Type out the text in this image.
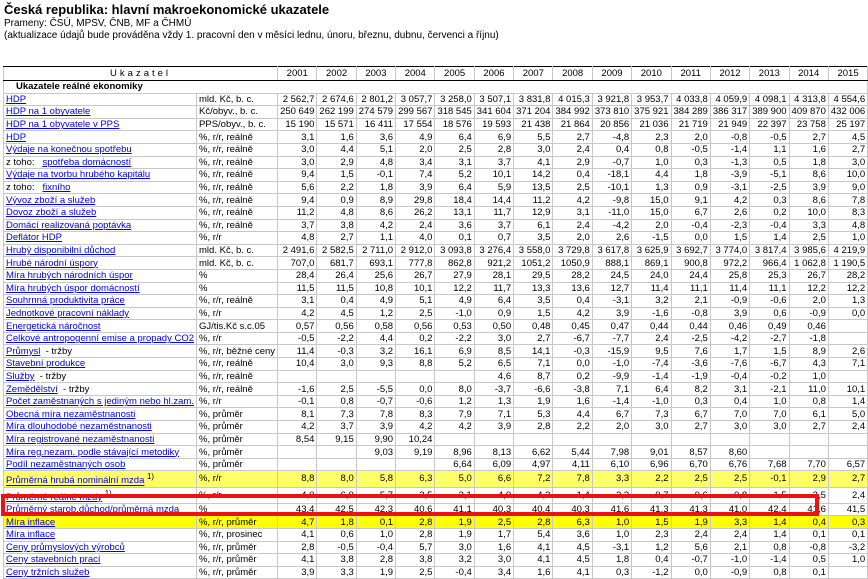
Česká republika: hlavní makroekonomické ukazatele
Prameny: ČSÚ, MPSV, ČNB, MF a ČHMÚ
(aktualizace údajů bude prováděna vždy 1. pracovní den v měsíci lednu, únoru, březnu, dubnu, červenci a říjnu)
Ukazatel		2001	2002	2003	2004	2005	2006	2007	2008	2009	2010	2011	2012	2013	2014	2015
Ukazatele reálné ekonomiky																
HDP	mld. Kč, b. c.	2 562,7	2 674,6	2 801,2	3 057,7	3 258,0	3 507,1	3 831,8	4 015,3	3 921,8	3 953,7	4 033,8	4 059,9	4 098,1	4 313,8	4 554,6
HDP na 1 obyvatele	Kč/obyv., b. c.	250 649	262 199	274 579	299 567	318 545	341 604	371 204	384 992	373 810	375 921	384 289	386 317	389 900	409 870	432 006
HDP na 1 obyvatele v PPS	PPS/obyv., b. c.	15 190	15 571	16 411	17 554	18 576	19 593	21 438	21 864	20 856	21 036	21 719	21 949	22 397	23 758	25 197
HDP	%, r/r, reálně	3,1	1,6	3,6	4,9	6,4	6,9	5,5	2,7	-4,8	2,3	2,0	-0,8	-0,5	2,7	4,5
Výdaje na konečnou spotřebu	%, r/r, reálně	3,0	4,4	5,1	2,0	2,5	2,8	3,0	2,4	0,4	0,8	-0,5	-1,4	1,1	1,6	2,7
z toho: spotřeba domácností	%, r/r, reálně	3,0	2,9	4,8	3,4	3,1	3,7	4,1	2,9	-0,7	1,0	0,3	-1,3	0,5	1,8	3,0
Výdaje na tvorbu hrubého kapitálu	%, r/r, reálně	9,4	1,5	-0,1	7,4	5,2	10,1	14,2	0,4	-18,1	4,4	1,8	-3,9	-5,1	8,6	10,0
z toho: fixního	%, r/r, reálně	5,6	2,2	1,8	3,9	6,4	5,9	13,5	2,5	-10,1	1,3	0,9	-3,1	-2,5	3,9	9,0
Vývoz zboží a služeb	%, r/r, reálně	9,4	0,9	8,9	29,8	18,4	14,4	11,2	4,2	-9,8	15,0	9,1	4,2	0,3	8,6	7,8
Dovoz zboží a služeb	%, r/r, reálně	11,2	4,8	8,6	26,2	13,1	11,7	12,9	3,1	-11,0	15,0	6,7	2,6	0,2	10,0	8,3
Domácí realizovaná poptávka	%, r/r, reálně	3,7	3,8	4,2	2,4	3,6	3,7	6,1	2,4	-4,2	2,0	-0,4	-2,3	-0,4	3,3	4,8
Deflátor HDP	%, r/r	4,8	2,7	1,1	4,0	0,1	0,7	3,5	2,0	2,6	-1,5	0,0	1,5	1,4	2,5	1,0
Hrubý disponibilní důchod	mld. Kč, b. c.	2 491,6	2 582,5	2 711,0	2 912,0	3 093,8	3 276,4	3 558,0	3 729,8	3 617,8	3 625,9	3 692,7	3 774,0	3 817,4	3 985,6	4 219,9
Hrubé národní úspory	mld. Kč, b. c.	707,0	681,7	693,1	777,8	862,8	921,2	1051,2	1050,9	888,1	869,1	900,8	972,2	966,4	1 062,8	1 190,5
Míra hrubých národních úspor	%	28,4	26,4	25,6	26,7	27,9	28,1	29,5	28,2	24,5	24,0	24,4	25,8	25,3	26,7	28,2
Míra hrubých úspor domácností	%	11,5	11,5	10,8	10,1	12,2	11,7	13,3	13,6	12,7	11,4	11,1	11,4	11,1	12,2	12,2
Souhrnná produktivita práce	%, r/r, reálně	3,1	0,4	4,9	5,1	4,9	6,4	3,5	0,4	-3,1	3,2	2,1	-0,9	-0,6	2,0	1,3
Jednotkové pracovní náklady	%, r/r	4,2	4,5	1,2	2,5	-1,0	0,9	1,5	4,2	3,9	-1,6	-0,8	3,9	0,6	-0,9	0,0
Energetická náročnost	GJ/tis.Kč s.c.05	0,57	0,56	0,58	0,56	0,53	0,50	0,48	0,45	0,47	0,44	0,44	0,46	0,49	0,46	
Celkové antropogenní emise a propady CO2	%, r/r	-0,5	-2,2	4,4	0,2	-2,2	3,0	2,7	-6,7	-7,7	2,4	-2,5	-4,2	-2,7	-1,8	
Průmysl - tržby	%, r/r, běžné ceny	11,4	-0,3	3,2	16,1	6,9	8,5	14,1	-0,3	-15,9	9,5	7,6	1,7	1,5	8,9	2,6
Stavební produkce	%, r/r, reálně	10,4	3,0	9,3	8,8	5,2	6,5	7,1	0,0	-1,0	-7,4	-3,6	-7,6	-6,7	4,3	7,1
Služby - tržby	%, r/r, reálně						4,6	8,7	0,2	-9,9	-1,4	-1,9	-0,4	-0,2	1,0	
Zemědělství - tržby	%, r/r, reálně	-1,6	2,5	-5,5	0,0	8,0	-3,7	-6,6	-3,8	7,1	6,4	8,2	3,1	-2,1	11,0	10,1
Počet zaměstnaných s jediným nebo hl.zam.	%, r/r	-0,1	0,8	-0,7	-0,6	1,2	1,3	1,9	1,6	-1,4	-1,0	0,3	0,4	1,0	0,8	1,4
Obecná míra nezaměstnanosti	%, průměr	8,1	7,3	7,8	8,3	7,9	7,1	5,3	4,4	6,7	7,3	6,7	7,0	7,0	6,1	5,0
Míra dlouhodobé nezaměstnanosti	%, průměr	4,2	3,7	3,9	4,2	4,2	3,9	2,8	2,2	2,0	3,0	2,7	3,0	3,0	2,7	2,4
Míra registrované nezaměstnanosti	%, průměr	8,54	9,15	9,90	10,24											
Míra reg.nezam. podle stávající metodiky	%, průměr			9,03	9,19	8,96	8,13	6,62	5,44	7,98	9,01	8,57	8,60			
Podíl nezaměstnaných osob	%, průměr					6,64	6,09	4,97	4,11	6,10	6,96	6,70	6,76	7,68	7,70	6,57
Průměrná hrubá nominální mzda $^{1)}$	%, r/r	8,8	8,0	5,8	6,3	5,0	6,6	7,2	7,8	3,3	2,2	2,5	2,5	-0,1	2,9	2,7
Průměrné reálné mzdy $^{1)}$	%, r/r	4,0	6,0	5,7	3,5	3,1	4,0	4,3	1,4	2,3	0,7	0,6	-0,8	-1,5	2,5	2,4
Průměrný starob.důchod/průměrná mzda	%	43,4	42,5	42,3	40,6	41,1	40,3	40,4	40,3	41,6	41,3	41,3	41,0	42,4	41,6	41,5
Míra inflace	%, r/r, průměr	4,7	1,8	0,1	2,8	1,9	2,5	2,8	6,3	1,0	1,5	1,9	3,3	1,4	0,4	0,3
Míra inflace	%, r/r, prosinec	4,1	0,6	1,0	2,8	1,9	1,7	5,4	3,6	1,0	2,3	2,4	2,4	1,4	0,1	0,1
Ceny průmyslových výrobců	%, r/r, průměr	2,8	-0,5	-0,4	5,7	3,0	1,6	4,1	4,5	-3,1	1,2	5,6	2,1	0,8	-0,8	-3,2
Ceny stavebních prací	%, r/r, průměr	4,1	3,8	2,8	3,8	3,2	3,0	4,1	4,5	1,8	0,4	-0,7	-1,0	-1,4	0,5	1,0
Ceny tržních služeb	%, r/r, průměr	3,9	3,3	1,9	2,5	-0,4	3,4	1,6	4,1	0,3	-1,2	0,0	-0,9	0,8	0,1	
